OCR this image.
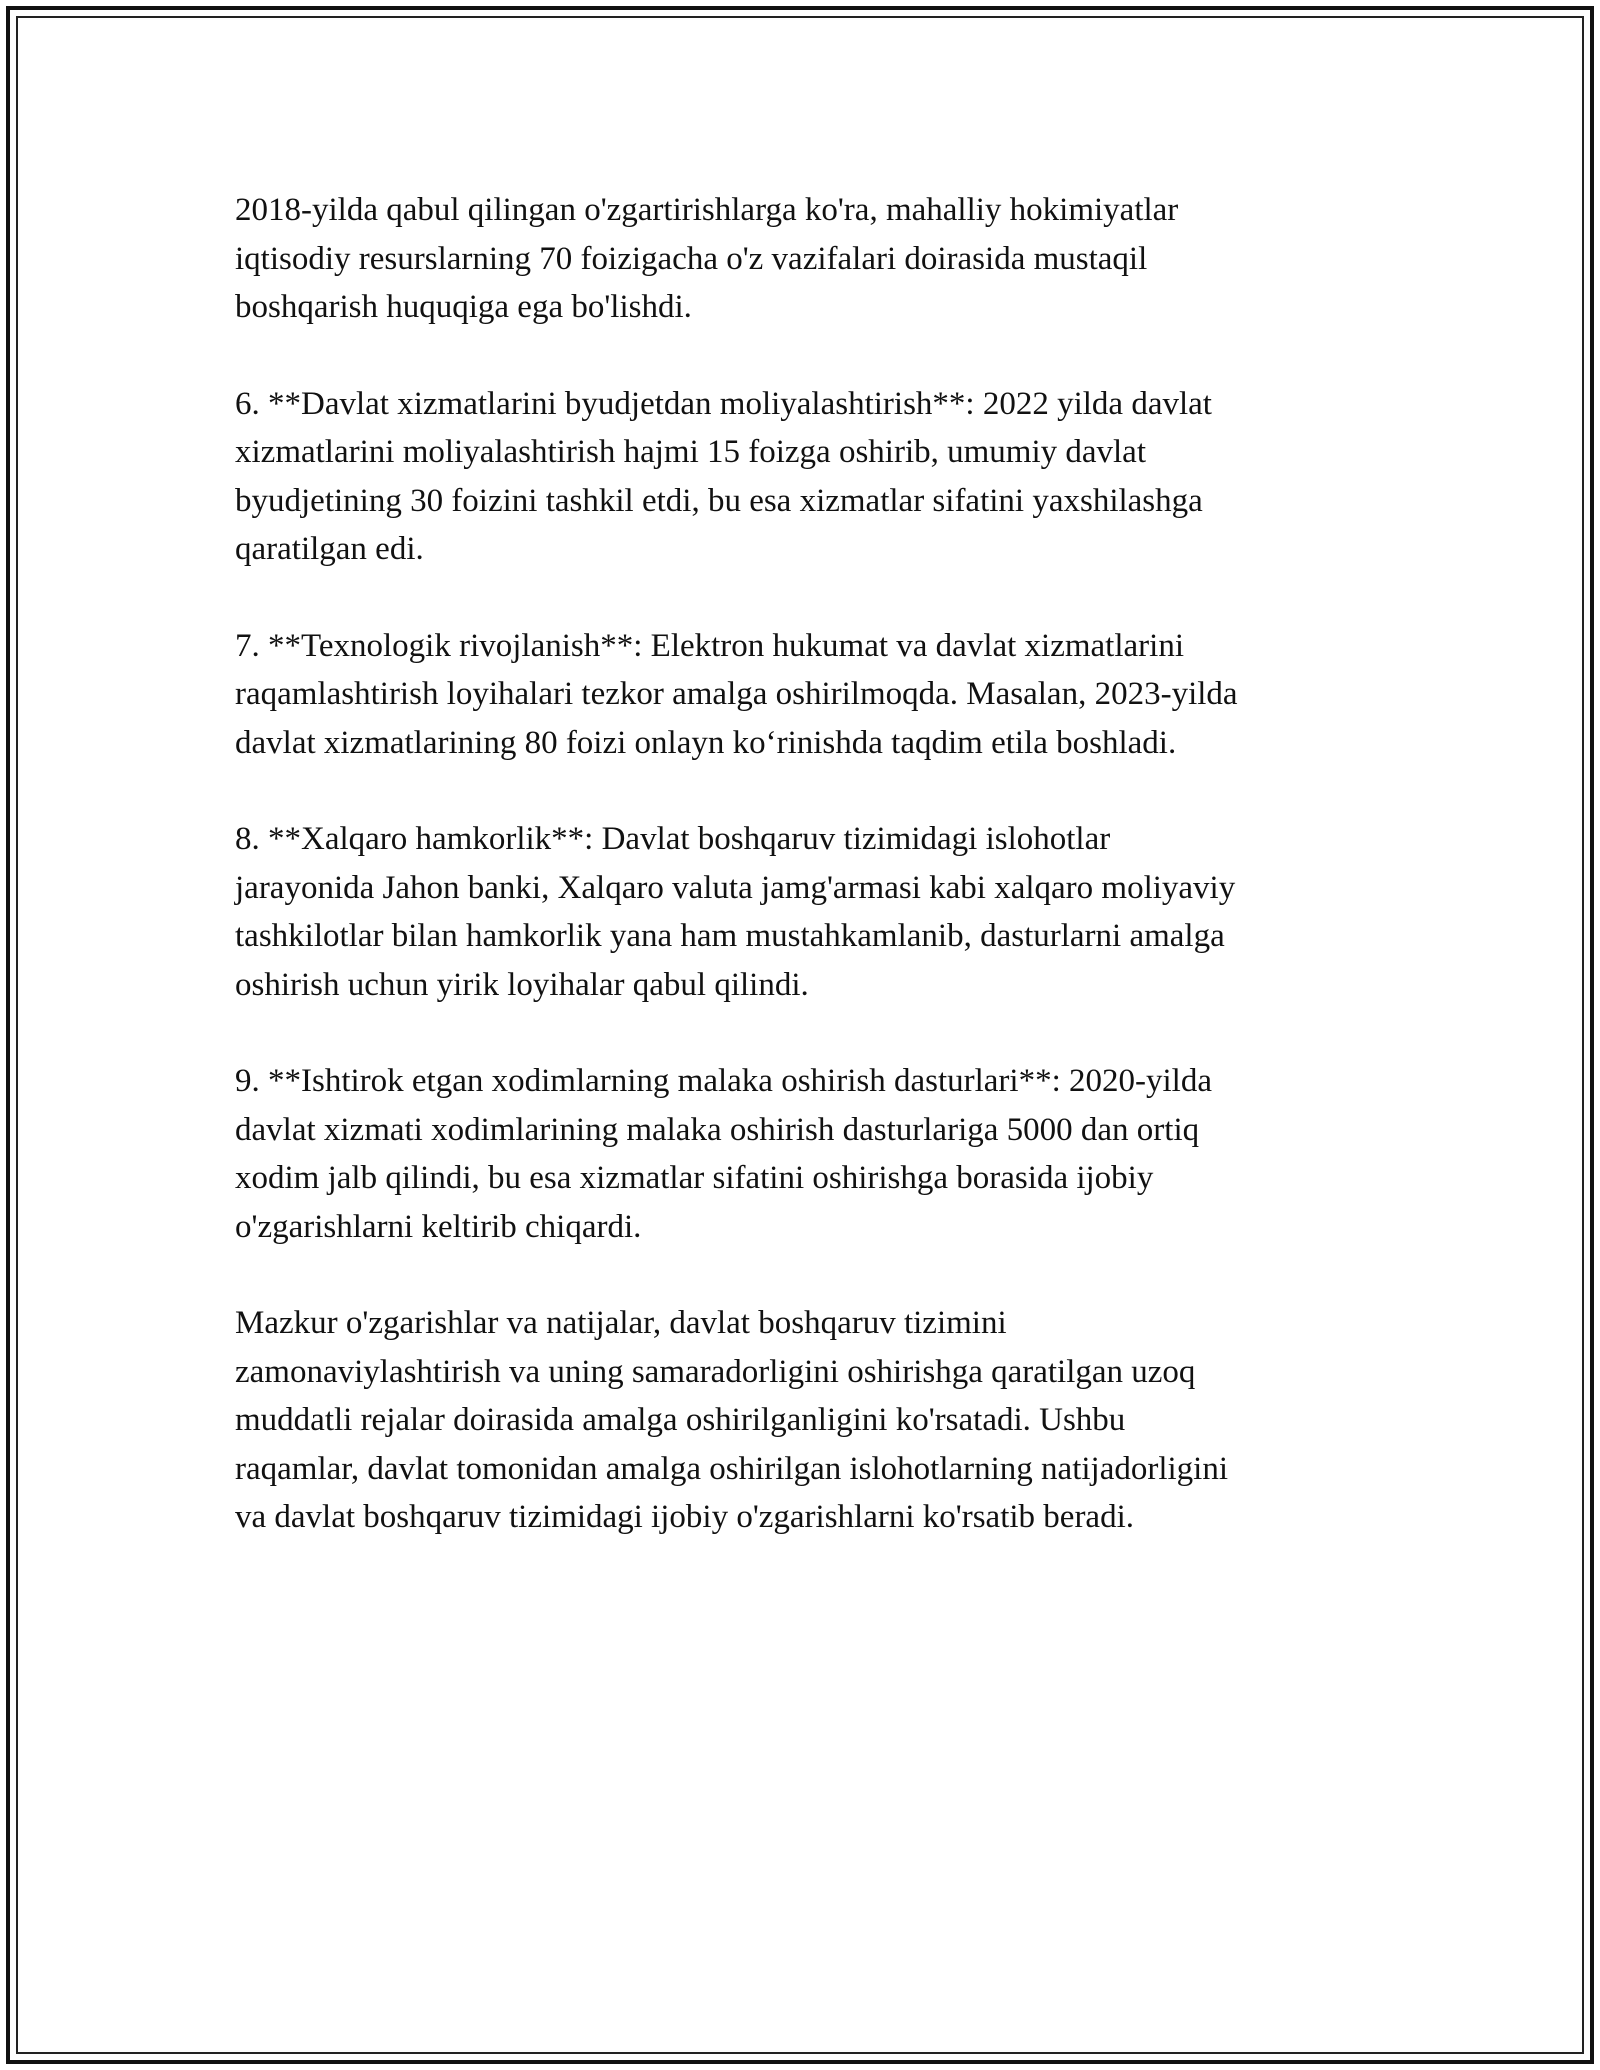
2018-yilda qabul qilingan o'zgartirishlarga ko'ra, mahalliy hokimiyatlar
iqtisodiy resurslarning 70 foizigacha o'z vazifalari doirasida mustaqil
boshqarish huquqiga ega bo'lishdi.

6. **Davlat xizmatlarini byudjetdan moliyalashtirish**: 2022 yilda davlat
xizmatlarini moliyalashtirish hajmi 15 foizga oshirib, umumiy davlat
byudjetining 30 foizini tashkil etdi, bu esa xizmatlar sifatini yaxshilashga
qaratilgan edi.

7. **Texnologik rivojlanish**: Elektron hukumat va davlat xizmatlarini
raqamlashtirish loyihalari tezkor amalga oshirilmoqda. Masalan, 2023-yilda
davlat xizmatlarining 80 foizi onlayn ko‘rinishda taqdim etila boshladi.

8. **Xalqaro hamkorlik**: Davlat boshqaruv tizimidagi islohotlar
jarayonida Jahon banki, Xalqaro valuta jamg'armasi kabi xalqaro moliyaviy
tashkilotlar bilan hamkorlik yana ham mustahkamlanib, dasturlarni amalga
oshirish uchun yirik loyihalar qabul qilindi.

9. **Ishtirok etgan xodimlarning malaka oshirish dasturlari**: 2020-yilda
davlat xizmati xodimlarining malaka oshirish dasturlariga 5000 dan ortiq
xodim jalb qilindi, bu esa xizmatlar sifatini oshirishga borasida ijobiy
o'zgarishlarni keltirib chiqardi.

Mazkur o'zgarishlar va natijalar, davlat boshqaruv tizimini
zamonaviylashtirish va uning samaradorligini oshirishga qaratilgan uzoq
muddatli rejalar doirasida amalga oshirilganligini ko'rsatadi. Ushbu
raqamlar, davlat tomonidan amalga oshirilgan islohotlarning natijadorligini
va davlat boshqaruv tizimidagi ijobiy o'zgarishlarni ko'rsatib beradi.
